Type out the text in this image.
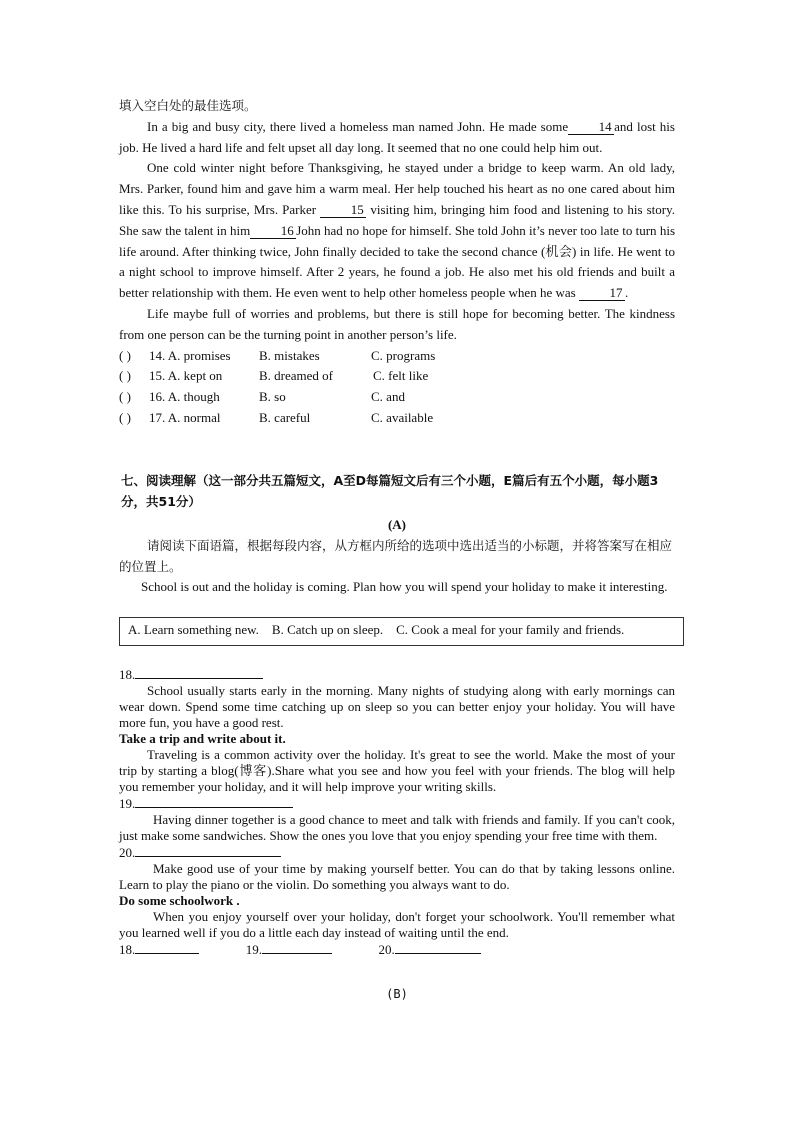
填入空白处的最佳选项。

In a big and busy city, there lived a homeless man named John. He made some 14 and lost his job. He lived a hard life and felt upset all day long. It seemed that no one could help him out.

One cold winter night before Thanksgiving, he stayed under a bridge to keep warm. An old lady, Mrs. Parker, found him and gave him a warm meal. Her help touched his heart as no one cared about him like this. To his surprise, Mrs. Parker	15 visiting him, bringing him food and listening to his story. She saw the talent in him 16 John had no hope for himself. She told John it’s never too late to turn his life around. After thinking twice, John finally decided to take the second chance (机会) in life. He went to a night school to improve himself. After 2 years, he found a job. He also met his old friends and built a better relationship with them. He even went to help other homeless people when he was	17 .

Life maybe full of worries and problems, but there is still hope for becoming better. The kindness from one person can be the turning point in another person’s life.

( ) 14. A. promises B. mistakes	C. programs
( ) 15. A. kept on	B. dreamed of	C. felt like
( ) 16. A. though	B. so	C. and
( ) 17. A. normal	B. careful	C. available
七、阅读理解（这一部分共五篇短文，A至D每篇短文后有三个小题，E篇后有五个小题，每小题3分，共51分）
(A)
请阅读下面语篇，根据每段内容，从方框内所给的选项中选出适当的小标题，并将答案写在相应的位置上。
School is out and the holiday is coming. Plan how you will spend your holiday to make it interesting.
A. Learn something new.    B. Catch up on sleep.    C. Cook a meal for your family and friends.

18.

School usually starts early in the morning. Many nights of studying along with early mornings can wear down. Spend some time catching up on sleep so you can better enjoy your holiday. You will have more fun, you have a good rest.

Take a trip and write about it.

Traveling is a common activity over the holiday. It's great to see the world. Make the most of your trip by starting a blog(博客).Share what you see and how you feel with your friends. The blog will help you remember your holiday, and it will help improve your writing skills.

19.

Having dinner together is a good chance to meet and talk with friends and family. If you can't cook, just make some sandwiches. Show the ones you love that you enjoy spending your free time with them.

20.

Make good use of your time by making yourself better. You can do that by taking lessons online. Learn to play the piano or the violin. Do something you always want to do.

Do some schoolwork .

When you enjoy yourself over your holiday, don't forget your schoolwork. You'll remember what you learned well if you do a little each day instead of waiting until the end.

18.	19.	20.

(B)
